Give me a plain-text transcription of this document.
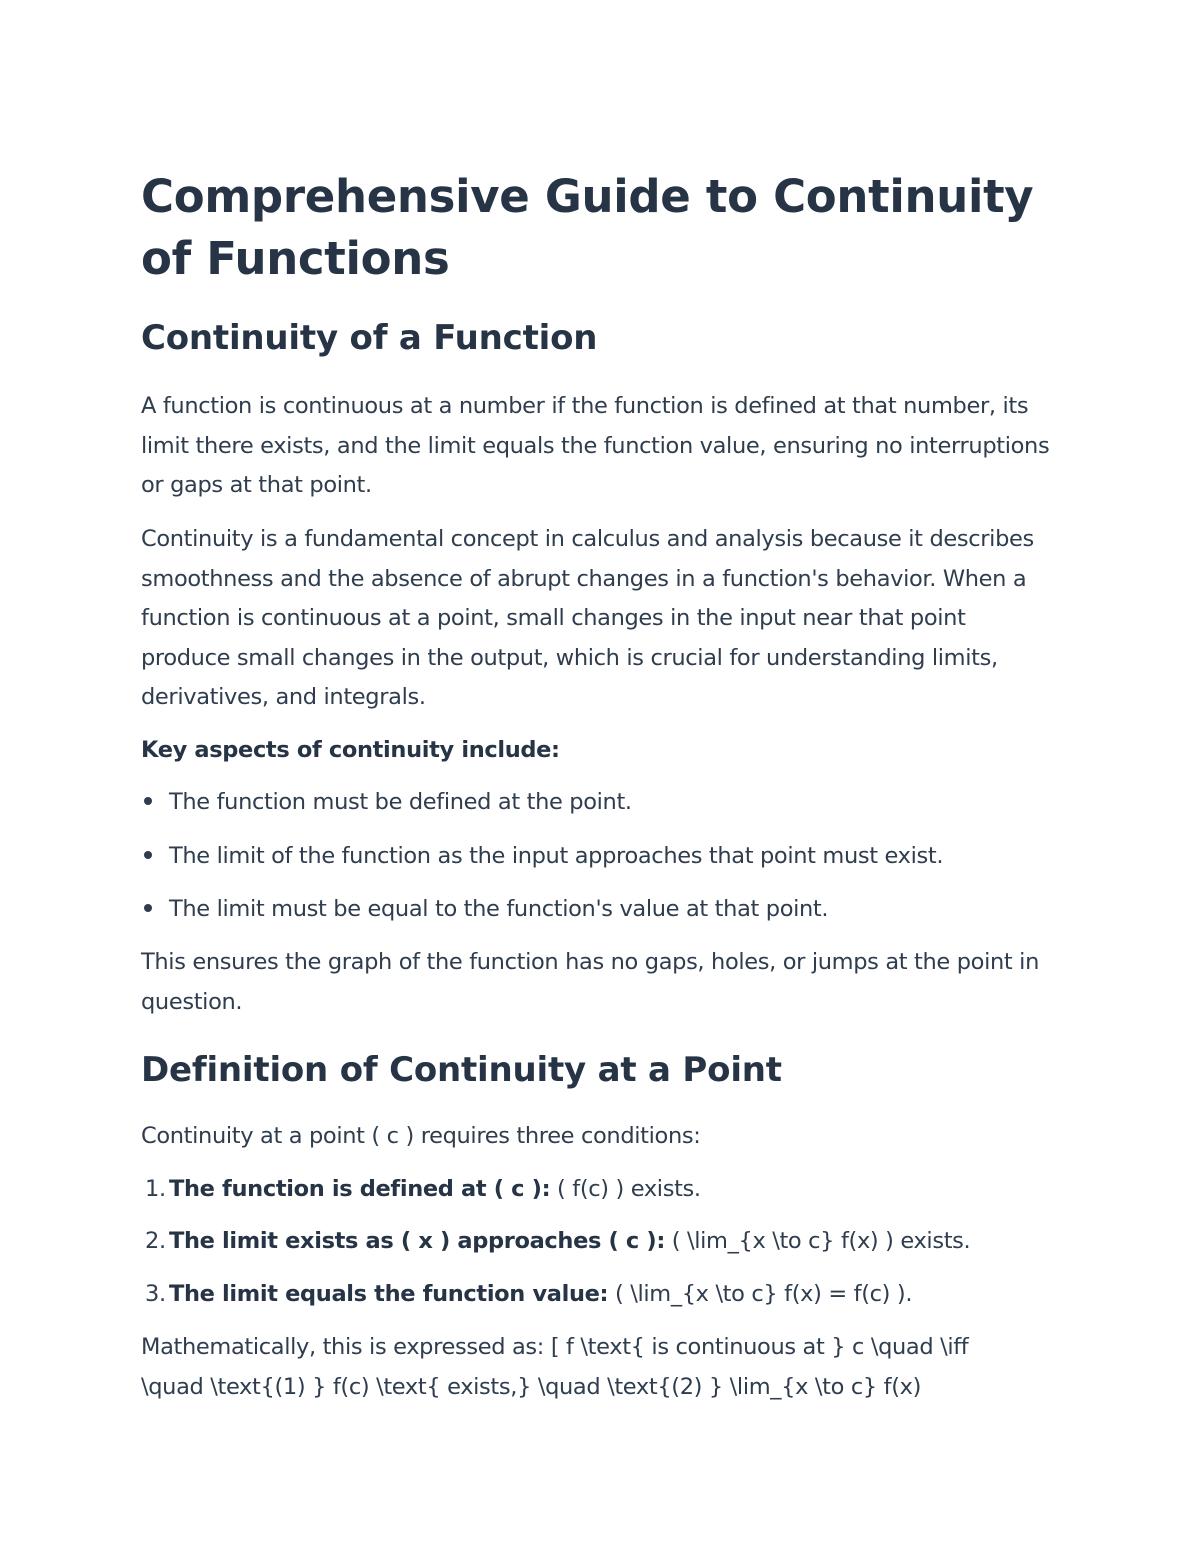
Comprehensive Guide to Continuity of Functions
Continuity of a Function

A function is continuous at a number if the function is defined at that number, its limit there exists, and the limit equals the function value, ensuring no interruptions or gaps at that point.

Continuity is a fundamental concept in calculus and analysis because it describes smoothness and the absence of abrupt changes in a function's behavior. When a function is continuous at a point, small changes in the input near that point produce small changes in the output, which is crucial for understanding limits, derivatives, and integrals.

Key aspects of continuity include:

The function must be defined at the point.
The limit of the function as the input approaches that point must exist.
The limit must be equal to the function's value at that point.

This ensures the graph of the function has no gaps, holes, or jumps at the point in question.

Definition of Continuity at a Point

Continuity at a point ( c ) requires three conditions:

1. The function is defined at ( c ): ( f(c) ) exists.
2. The limit exists as ( x ) approaches ( c ): ( \lim_{x \to c} f(x) ) exists.
3. The limit equals the function value: ( \lim_{x \to c} f(x) = f(c) ).

Mathematically, this is expressed as: [ f \text{ is continuous at } c \quad \iff

\quad \text{(1) } f(c) \text{ exists,} \quad \text{(2) } \lim_{x \to c} f(x)
